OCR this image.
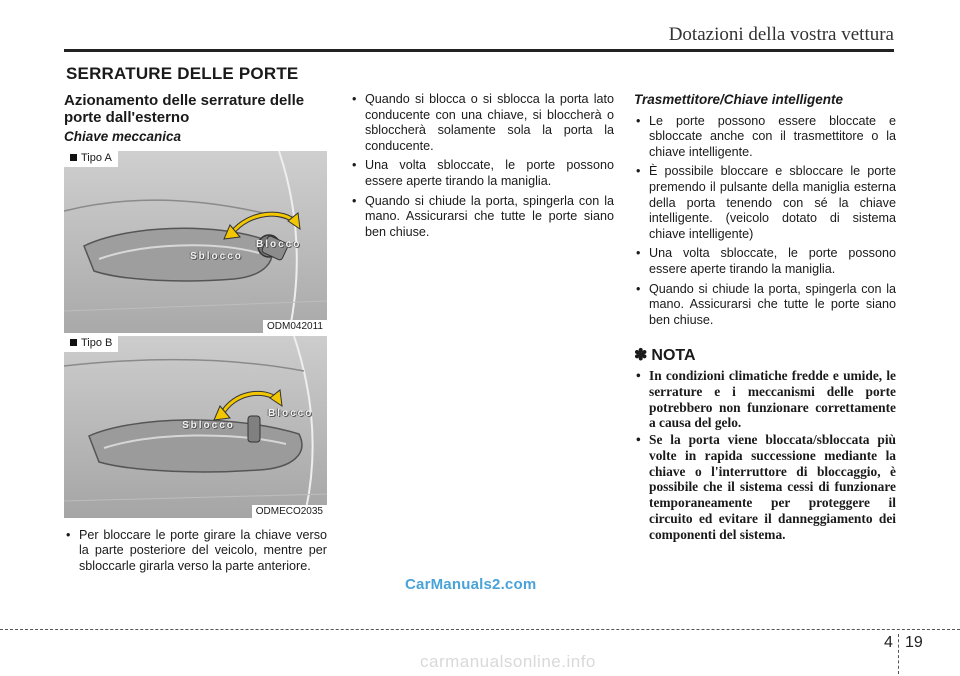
Dotazioni della vostra vettura
SERRATURE DELLE PORTE
Azionamento delle serrature delle porte dall'esterno
Chiave meccanica
Tipo A
Sblocco
Blocco
ODM042011
Tipo B
Sblocco
Blocco
ODMECO2035
• Per bloccare le porte girare la chiave verso la parte posteriore del veicolo, mentre per sbloccarle girarla verso la parte anteriore.
• Quando si blocca o si sblocca la porta lato conducente con una chiave, si bloccherà o sbloccherà solamente sola la porta la conducente.
• Una volta sbloccate, le porte possono essere aperte tirando la maniglia.
• Quando si chiude la porta, spingerla con la mano. Assicurarsi che tutte le porte siano ben chiuse.
Trasmettitore/Chiave intelligente
• Le porte possono essere bloccate e sbloccate anche con il trasmettitore o la chiave intelligente.
• È possibile bloccare e sbloccare le porte premendo il pulsante della maniglia esterna della porta tenendo con sé la chiave intelligente. (veicolo dotato di sistema chiave intelligente)
• Una volta sbloccate, le porte possono essere aperte tirando la maniglia.
• Quando si chiude la porta, spingerla con la mano. Assicurarsi che tutte le porte siano ben chiuse.
✽ NOTA
• In condizioni climatiche fredde e umide, le serrature e i meccanismi delle porte potrebbero non funzionare correttamente a causa del gelo.
• Se la porta viene bloccata/sbloccata più volte in rapida successione mediante la chiave o l'interruttore di bloccaggio, è possibile che il sistema cessi di funzionare temporaneamente per proteggere il circuito ed evitare il danneggiamento dei componenti del sistema.
CarManuals2.com
4 19
carmanualsonline.info
